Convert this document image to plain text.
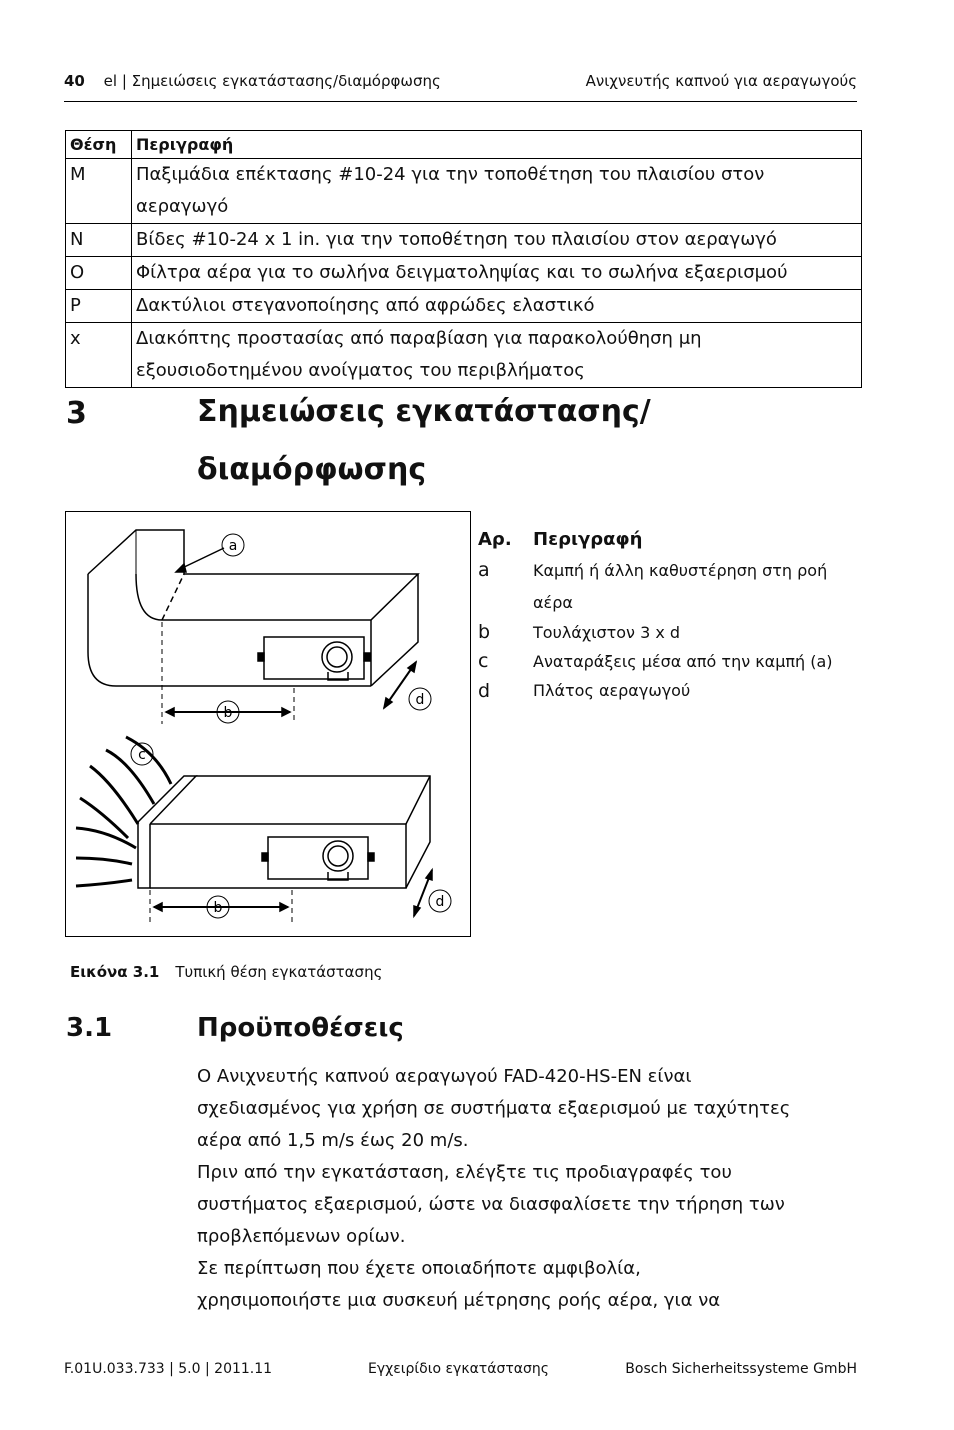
40 el | Σημειώσεις εγκατάστασης/διαμόρφωσης	Ανιχνευτής καπνού για αεραγωγούς
Θέση	Περιγραφή
M	Παξιμάδια επέκτασης #10-24 για την τοποθέτηση του πλαισίου στον αεραγωγό
N	Βίδες #10-24 x 1 in. για την τοποθέτηση του πλαισίου στον αεραγωγό
O	Φίλτρα αέρα για το σωλήνα δειγματοληψίας και το σωλήνα εξαερισμού
P	Δακτύλιοι στεγανοποίησης από αφρώδες ελαστικό
x	Διακόπτης προστασίας από παραβίαση για παρακολούθηση μη εξουσιοδοτημένου ανοίγματος του περιβλήματος
3	Σημειώσεις εγκατάστασης/
διαμόρφωσης
a
b
d
c
b	d
Αρ. Περιγραφή
a	Καμπή ή άλλη καθυστέρηση στη ροή αέρα
b	Τουλάχιστον 3 x d
c	Αναταράξεις μέσα από την καμπή (a)
d	Πλάτος αεραγωγού
Εικόνα 3.1 Τυπική θέση εγκατάστασης
3.1	Προϋποθέσεις
Ο Ανιχνευτής καπνού αεραγωγού FAD-420-HS-EN είναι
σχεδιασμένος για χρήση σε συστήματα εξαερισμού με ταχύτητες
αέρα από 1,5 m/s έως 20 m/s.
Πριν από την εγκατάσταση, ελέγξτε τις προδιαγραφές του
συστήματος εξαερισμού, ώστε να διασφαλίσετε την τήρηση των
προβλεπόμενων ορίων.
Σε περίπτωση που έχετε οποιαδήποτε αμφιβολία,
χρησιμοποιήστε μια συσκευή μέτρησης ροής αέρα, για να
F.01U.033.733 | 5.0 | 2011.11	Εγχειρίδιο εγκατάστασης	Bosch Sicherheitssysteme GmbH
